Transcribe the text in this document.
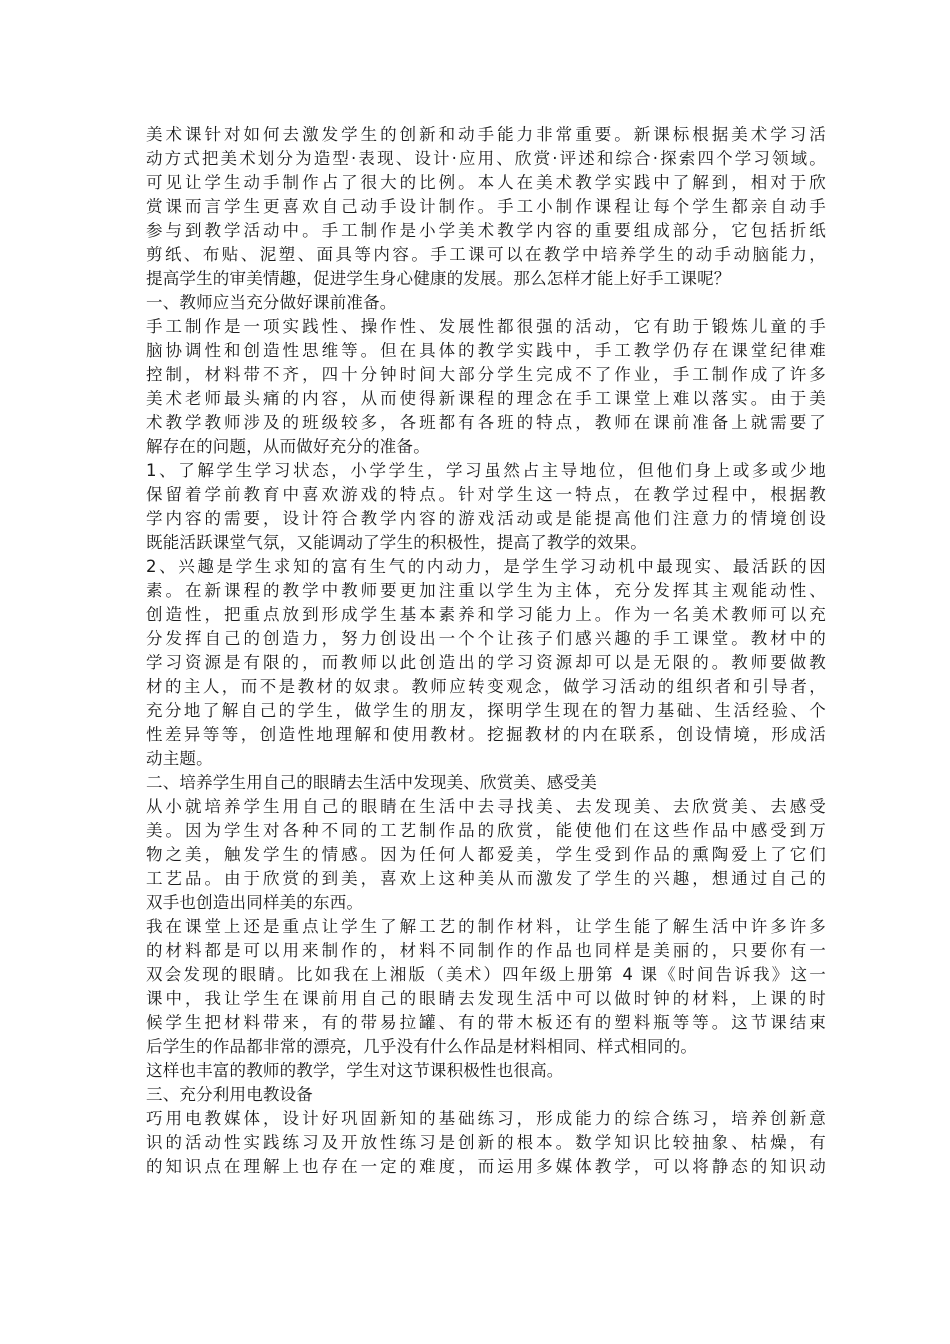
美术课针对如何去激发学生的创新和动手能力非常重要。新课标根据美术学习活
动方式把美术划分为造型·表现、设计·应用、欣赏·评述和综合·探索四个学习领域。
可见让学生动手制作占了很大的比例。本人在美术教学实践中了解到，相对于欣
赏课而言学生更喜欢自己动手设计制作。手工小制作课程让每个学生都亲自动手
参与到教学活动中。手工制作是小学美术教学内容的重要组成部分，它包括折纸
剪纸、布贴、泥塑、面具等内容。手工课可以在教学中培养学生的动手动脑能力，
提高学生的审美情趣，促进学生身心健康的发展。那么怎样才能上好手工课呢？
一、教师应当充分做好课前准备。
手工制作是一项实践性、操作性、发展性都很强的活动，它有助于锻炼儿童的手
脑协调性和创造性思维等。但在具体的教学实践中，手工教学仍存在课堂纪律难
控制，材料带不齐，四十分钟时间大部分学生完成不了作业，手工制作成了许多
美术老师最头痛的内容，从而使得新课程的理念在手工课堂上难以落实。由于美
术教学教师涉及的班级较多，各班都有各班的特点，教师在课前准备上就需要了
解存在的问题，从而做好充分的准备。
1、了解学生学习状态，小学学生，学习虽然占主导地位，但他们身上或多或少地
保留着学前教育中喜欢游戏的特点。针对学生这一特点，在教学过程中，根据教
学内容的需要，设计符合教学内容的游戏活动或是能提高他们注意力的情境创设
既能活跃课堂气氛，又能调动了学生的积极性，提高了教学的效果。
2、兴趣是学生求知的富有生气的内动力，是学生学习动机中最现实、最活跃的因
素。在新课程的教学中教师要更加注重以学生为主体，充分发挥其主观能动性、
创造性，把重点放到形成学生基本素养和学习能力上。作为一名美术教师可以充
分发挥自己的创造力，努力创设出一个个让孩子们感兴趣的手工课堂。教材中的
学习资源是有限的，而教师以此创造出的学习资源却可以是无限的。教师要做教
材的主人，而不是教材的奴隶。教师应转变观念，做学习活动的组织者和引导者，
充分地了解自己的学生，做学生的朋友，探明学生现在的智力基础、生活经验、个
性差异等等，创造性地理解和使用教材。挖掘教材的内在联系，创设情境，形成活
动主题。
二、培养学生用自己的眼睛去生活中发现美、欣赏美、感受美
从小就培养学生用自己的眼睛在生活中去寻找美、去发现美、去欣赏美、去感受
美。因为学生对各种不同的工艺制作品的欣赏，能使他们在这些作品中感受到万
物之美，触发学生的情感。因为任何人都爱美，学生受到作品的熏陶爱上了它们
工艺品。由于欣赏的到美，喜欢上这种美从而激发了学生的兴趣，想通过自己的
双手也创造出同样美的东西。
我在课堂上还是重点让学生了解工艺的制作材料，让学生能了解生活中许多许多
的材料都是可以用来制作的，材料不同制作的作品也同样是美丽的，只要你有一
双会发现的眼睛。比如我在上湘版（美术）四年级上册第 4 课《时间告诉我》这一
课中，我让学生在课前用自己的眼睛去发现生活中可以做时钟的材料，上课的时
候学生把材料带来，有的带易拉罐、有的带木板还有的塑料瓶等等。这节课结束
后学生的作品都非常的漂亮，几乎没有什么作品是材料相同、样式相同的。
这样也丰富的教师的教学，学生对这节课积极性也很高。
三、充分利用电教设备
巧用电教媒体，设计好巩固新知的基础练习，形成能力的综合练习，培养创新意
识的活动性实践练习及开放性练习是创新的根本。数学知识比较抽象、枯燥，有
的知识点在理解上也存在一定的难度，而运用多媒体教学，可以将静态的知识动
